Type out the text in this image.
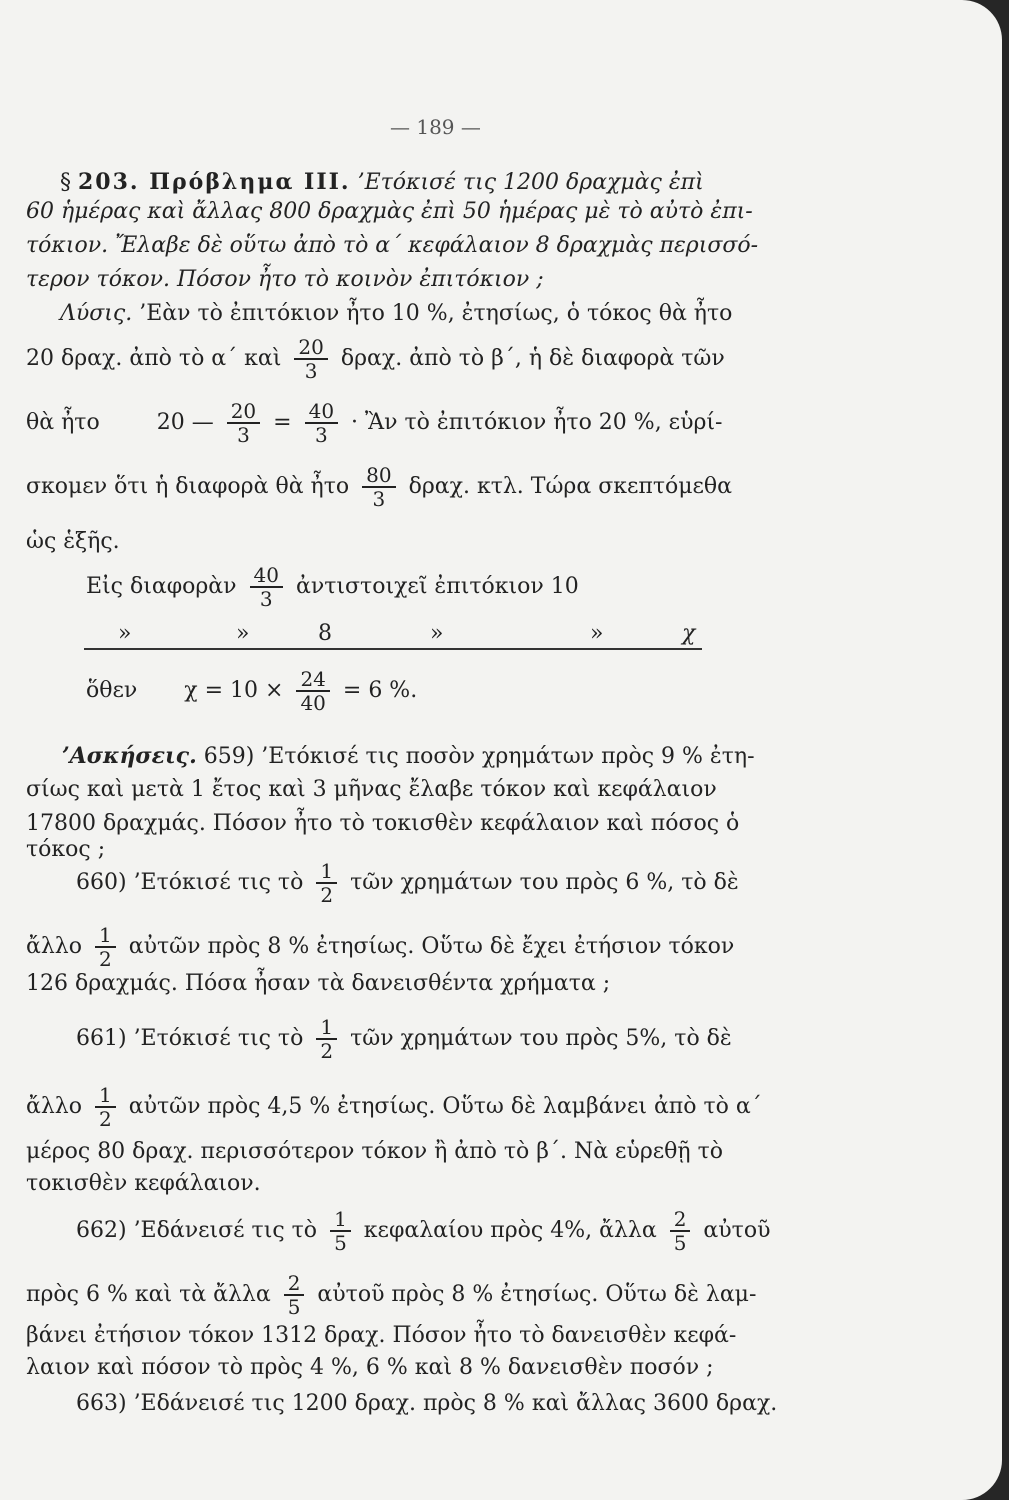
— 189 —
§ 203. Πρόβλημα ΙΙΙ. ’Ετόκισέ τις 1200 δραχμὰς ἐπὶ
60 ἡμέρας καὶ ἄλλας 800 δραχμὰς ἐπὶ 50 ἡμέρας μὲ τὸ αὐτὸ ἐπι-
τόκιον. Ἔλαβε δὲ οὕτω ἀπὸ τὸ α΄ κεφάλαιον 8 δραχμὰς περισσό-
τερον τόκον. Πόσον ἦτο τὸ κοινὸν ἐπιτόκιον ;
Λύσις. ’Εὰν τὸ ἐπιτόκιον ἦτο 10 %, ἐτησίως, ὁ τόκος θὰ ἦτο
20 δραχ. ἀπὸ τὸ α΄ καὶ $\frac{20}{3} \delta\rho\alpha\chi$. ἀπὸ τὸ β΄, ἡ δὲ διαφορὰ τῶν
θὰ ἦτο	20 — $\frac{20}{3} = \frac{40}{3}$ · Ἂν τὸ ἐπιτόκιον ἦτο 20 %, εὑρί-
σκομεν ὅτι ἡ διαφορὰ θὰ ἦτο $\frac{80}{3} \delta\rho\alpha\chi$. κτλ. Τώρα σκεπτόμεθα
ὡς ἑξῆς.
Εἰς διαφορὰν $\frac{40}{3}$ ἀντιστοιχεῖ ἐπιτόκιον 10
»	»	8	»	»	χ
ὅθεν $\chi = 10 \times \frac{24}{40} = 6$ %.
’Ασκήσεις. 659) ’Ετόκισέ τις ποσὸν χρημάτων πρὸς 9 % ἐτη-
σίως καὶ μετὰ 1 ἔτος καὶ 3 μῆνας ἔλαβε τόκον καὶ κεφάλαιον
17800 δραχμάς. Πόσον ἦτο τὸ τοκισθὲν κεφάλαιον καὶ πόσος ὁ
τόκος ;
660) ’Ετόκισέ τις τὸ $\frac{1}{2}$ τῶν χρημάτων του πρὸς 6 %, τὸ δὲ
ἄλλο $\frac{1}{2}$ αὐτῶν πρὸς 8 % ἐτησίως. Οὕτω δὲ ἔχει ἐτήσιον τόκον
126 δραχμάς. Πόσα ἦσαν τὰ δανεισθέντα χρήματα ;
661) ’Ετόκισέ τις τὸ $\frac{1}{2}$ τῶν χρημάτων του πρὸς 5%, τὸ δὲ
ἄλλο $\frac{1}{2}$ αὐτῶν πρὸς 4,5 % ἐτησίως. Οὕτω δὲ λαμβάνει ἀπὸ τὸ α΄
μέρος 80 δραχ. περισσότερον τόκον ἢ ἀπὸ τὸ β΄. Νὰ εὑρεθῇ τὸ
τοκισθὲν κεφάλαιον.
662) ’Εδάνεισέ τις τὸ $\frac{1}{5}$ κεφαλαίου πρὸς 4%, ἄλλα $\frac{2}{5}$ αὐτοῦ
πρὸς 6 % καὶ τὰ ἄλλα $\frac{2}{5}$ αὐτοῦ πρὸς 8 % ἐτησίως. Οὕτω δὲ λαμ-
βάνει ἐτήσιον τόκον 1312 δραχ. Πόσον ἦτο τὸ δανεισθὲν κεφά-
λαιον καὶ πόσον τὸ πρὸς 4 %, 6 % καὶ 8 % δανεισθὲν ποσόν ;
663) ’Εδάνεισέ τις 1200 δραχ. πρὸς 8 % καὶ ἄλλας 3600 δραχ.
